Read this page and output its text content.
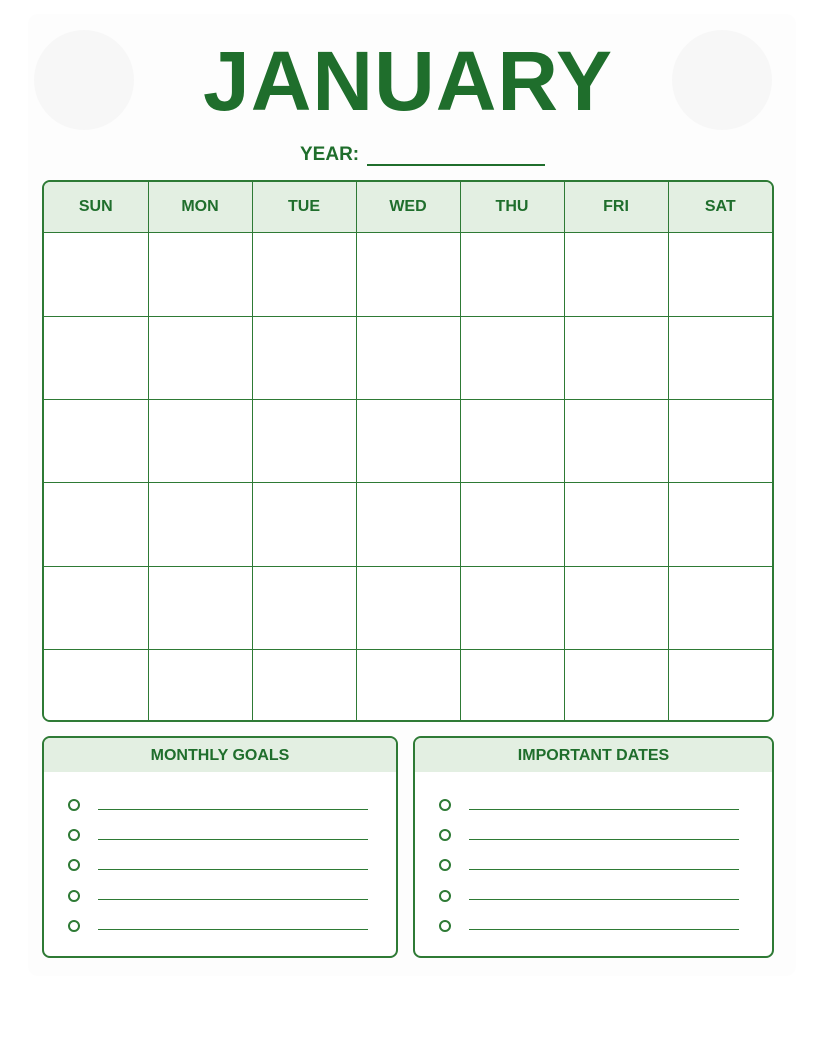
JANUARY
YEAR:
SUN	MON	TUE	WED	THU	FRI	SAT

MONTHLY GOALS	IMPORTANT DATES
